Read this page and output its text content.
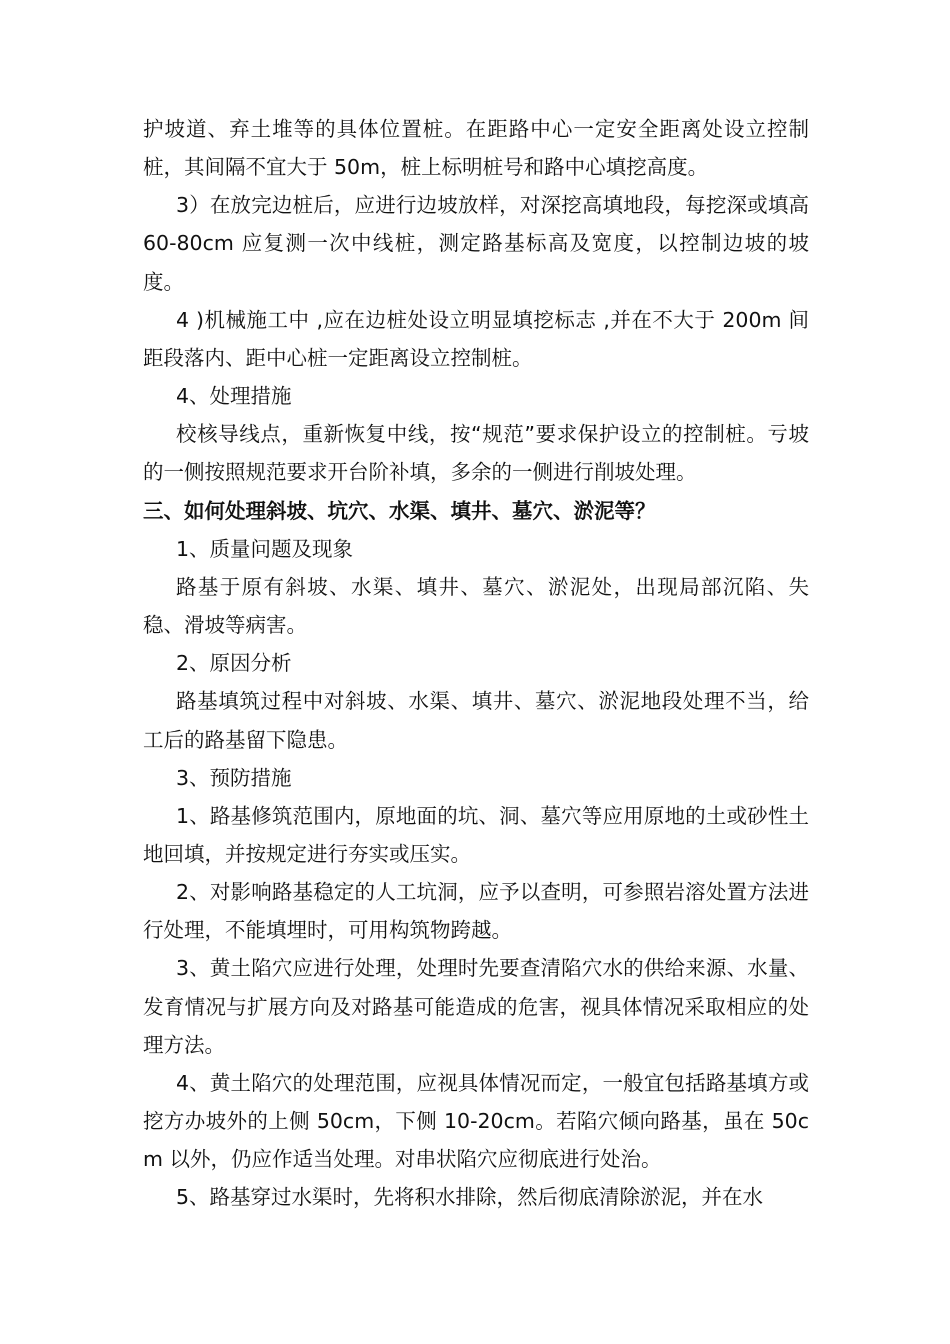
护坡道、弃土堆等的具体位置桩。在距路中心一定安全距离处设立控制桩，其间隔不宜大于 50m，桩上标明桩号和路中心填挖高度。

3）在放完边桩后，应进行边坡放样，对深挖高填地段，每挖深或填高 60-80cm 应复测一次中线桩，测定路基标高及宽度，以控制边坡的坡度。

4 )机械施工中 ,应在边桩处设立明显填挖标志 ,并在不大于 200m 间距段落内、距中心桩一定距离设立控制桩。

4、处理措施

校核导线点，重新恢复中线，按“规范”要求保护设立的控制桩。亏坡的一侧按照规范要求开台阶补填，多余的一侧进行削坡处理。

三、如何处理斜坡、坑穴、水渠、填井、墓穴、淤泥等？

1、质量问题及现象

路基于原有斜坡、水渠、填井、墓穴、淤泥处，出现局部沉陷、失稳、滑坡等病害。

2、原因分析

路基填筑过程中对斜坡、水渠、填井、墓穴、淤泥地段处理不当，给工后的路基留下隐患。

3、预防措施

1、路基修筑范围内，原地面的坑、洞、墓穴等应用原地的土或砂性土地回填，并按规定进行夯实或压实。

2、对影响路基稳定的人工坑洞，应予以查明，可参照岩溶处置方法进行处理，不能填埋时，可用构筑物跨越。

3、黄土陷穴应进行处理，处理时先要查清陷穴水的供给来源、水量、发育情况与扩展方向及对路基可能造成的危害，视具体情况采取相应的处理方法。

4、黄土陷穴的处理范围，应视具体情况而定，一般宜包括路基填方或挖方办坡外的上侧 50cm，下侧 10-20cm。若陷穴倾向路基，虽在 50cm 以外，仍应作适当处理。对串状陷穴应彻底进行处治。

5、路基穿过水渠时，先将积水排除，然后彻底清除淤泥，并在水
